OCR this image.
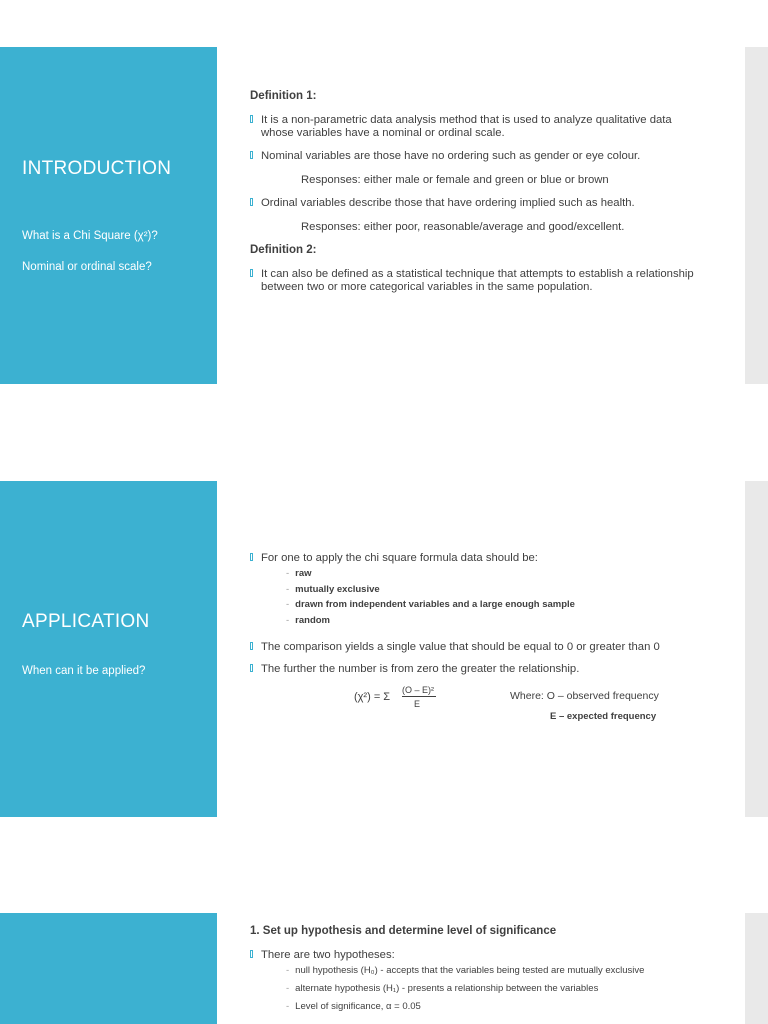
INTRODUCTION

What is a Chi Square (χ²)?

Nominal or ordinal scale?

Definition 1:
It is a non-parametric data analysis method that is used to analyze qualitative data whose variables have a nominal or ordinal scale.
Nominal variables are those have no ordering such as gender or eye colour.
Responses: either male or female and green or blue or brown
Ordinal variables describe those that have ordering implied such as health.
Responses: either poor, reasonable/average and good/excellent.
Definition 2:
It can also be defined as a statistical technique that attempts to establish a relationship between two or more categorical variables in the same population.
APPLICATION

When can it be applied?

For one to apply the chi square formula data should be:
- raw
- mutually exclusive
- drawn from independent variables and a large enough sample
- random
The comparison yields a single value that should be equal to 0 or greater than 0
The further the number is from zero the greater the relationship.
(χ²) = Σ
(O – E)²
E
Where: O – observed frequency
E – expected frequency
1. Set up hypothesis and determine level of significance
There are two hypotheses:
- null hypothesis (H₀) - accepts that the variables being tested are mutually exclusive
- alternate hypothesis (H₁) - presents a relationship between the variables
- Level of significance, α = 0.05
